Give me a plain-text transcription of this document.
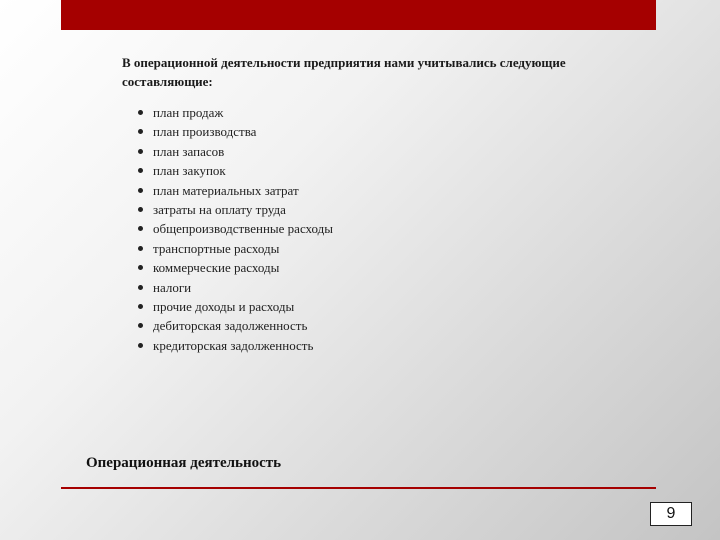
В операционной деятельности предприятия нами учитывались следующие составляющие:

план продаж
план производства
план запасов
план закупок
план материальных затрат
затраты на оплату труда
общепроизводственные расходы
транспортные расходы
коммерческие расходы
налоги
прочие доходы и расходы
дебиторская задолженность
кредиторская задолженность
Операционная деятельность
9
